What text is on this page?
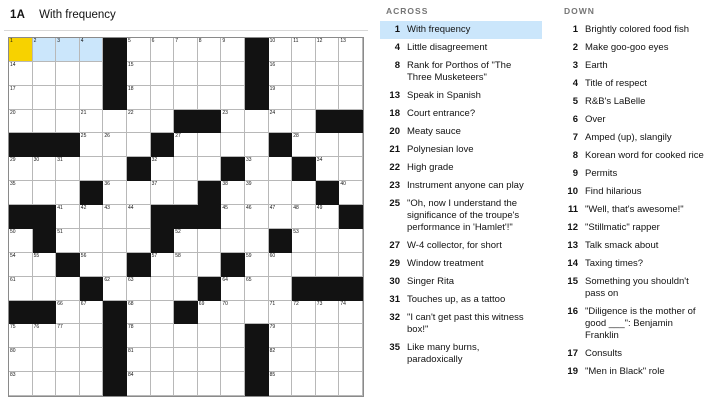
1A With frequency
1	2	3	4	5	6	7	8	9	10	11	12	13
14	15	16
17	18	19
20	21	22	23	24
25	26	27	28
29	30	31	32	33	34
35	36	37	38	39	40
41	42	43	44	45	46	47	48	49
50	51	52	53
54	55	56	57	58	59	60
61	62	63	64	65
66	67	68	69	70	71	72	73	74
75	76	77	78	79
80	81	82
83	84	85
ACROSS
1 With frequency
4 Little disagreement
8 Rank for Porthos of "The Three Musketeers"
13 Speak in Spanish
18 Court entrance?
20 Meaty sauce
21 Polynesian love
22 High grade
23 Instrument anyone can play
25 "Oh, now I understand the significance of the troupe's performance in 'Hamlet'!"
27 W-4 collector, for short
29 Window treatment
30 Singer Rita
31 Touches up, as a tattoo
32 "I can't get past this witness box!"
35 Like many burns, paradoxically
DOWN
1 Brightly colored food fish
2 Make goo-goo eyes
3 Earth
4 Title of respect
5 R&B's LaBelle
6 Over
7 Amped (up), slangily
8 Korean word for cooked rice
9 Permits
10 Find hilarious
11 "Well, that's awesome!"
12 "Stillmatic" rapper
13 Talk smack about
14 Taxing times?
15 Something you shouldn't pass on
16 "Diligence is the mother of good ___": Benjamin Franklin
17 Consults
19 "Men in Black" role
